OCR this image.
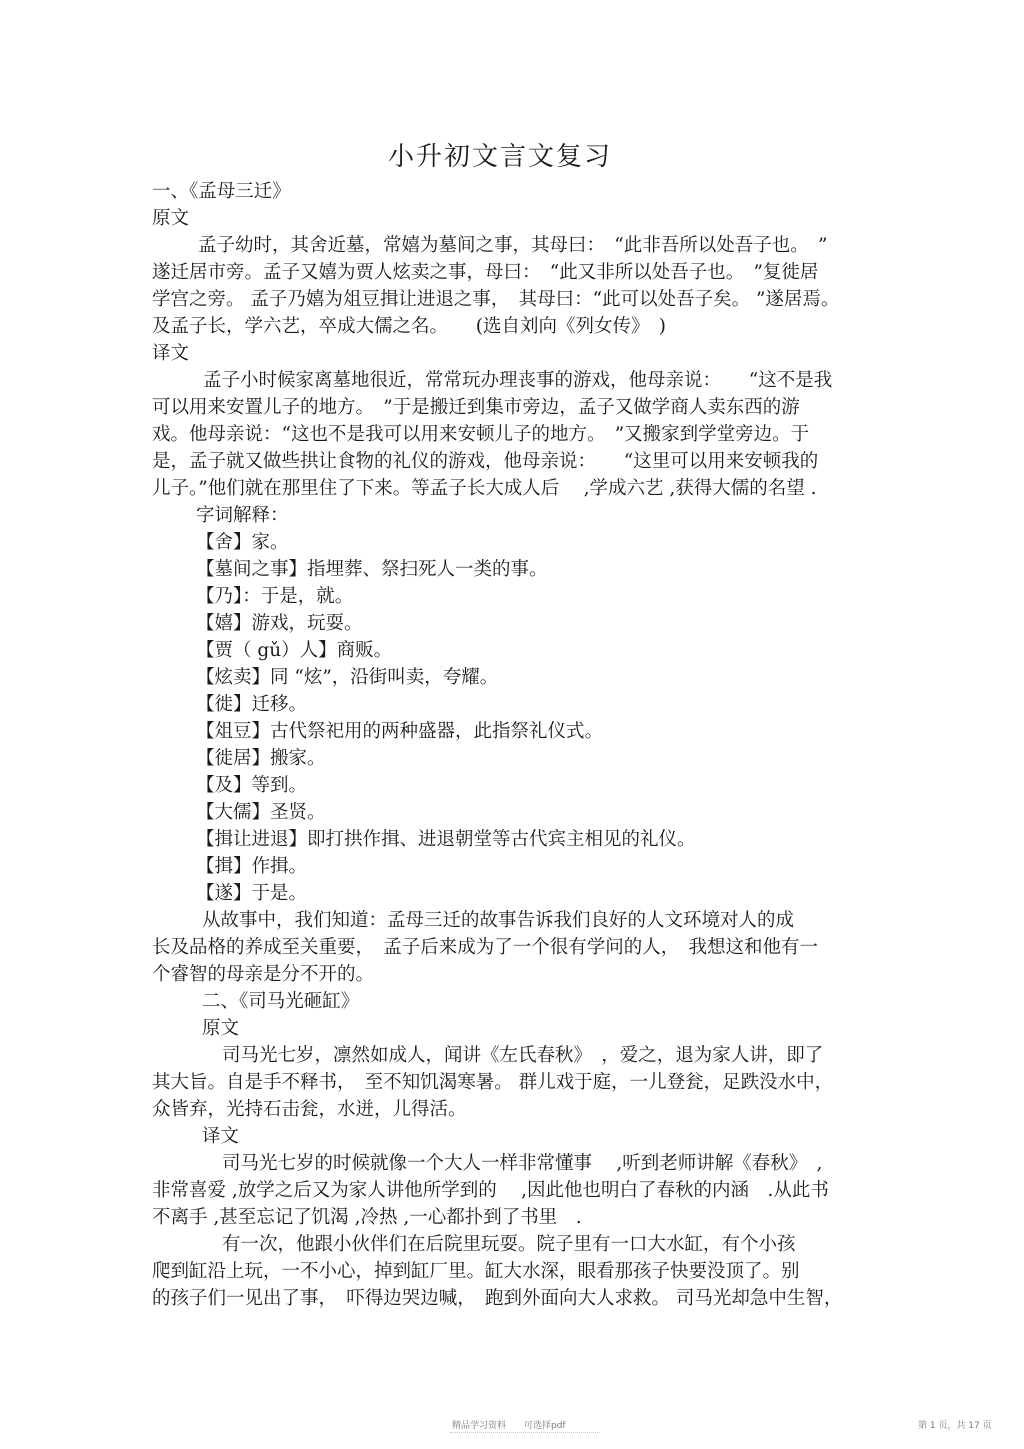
小升初文言文复习
一、《孟母三迁》
原文
孟子幼时，其舍近墓，常嬉为墓间之事，其母曰：　“此非吾所以处吾子也。　”
遂迁居市旁。孟子又嬉为贾人炫卖之事，母曰：　“此又非所以处吾子也。　”复徙居
学宫之旁。 孟子乃嬉为俎豆揖让进退之事，　其母曰：“此可以处吾子矣。 ”遂居焉。
及孟子长，学六艺，卒成大儒之名。　　(选自刘向《列女传》　)
译文
孟子小时候家离墓地很近，常常玩办理丧事的游戏，他母亲说：　　“这不是我
可以用来安置儿子的地方。　”于是搬迁到集市旁边，孟子又做学商人卖东西的游
戏。他母亲说：“这也不是我可以用来安顿儿子的地方。　”又搬家到学堂旁边。于
是，孟子就又做些拱让食物的礼仪的游戏，他母亲说：　　“这里可以用来安顿我的
儿子。”他们就在那里住了下来。等孟子长大成人后　 ,学成六艺 ,获得大儒的名望 .
字词解释：
【舍】家。
【墓间之事】指埋葬、祭扫死人一类的事。
【乃】：于是，就。
【嬉】游戏，玩耍。
【贾（ gǔ）人】商贩。
【炫卖】同 “炫”，沿街叫卖，夸耀。
【徙】迁移。
【俎豆】古代祭祀用的两种盛器，此指祭礼仪式。
【徙居】搬家。
【及】等到。
【大儒】圣贤。
【揖让进退】即打拱作揖、进退朝堂等古代宾主相见的礼仪。
【揖】作揖。
【遂】于是。
从故事中，我们知道：孟母三迁的故事告诉我们良好的人文环境对人的成
长及品格的养成至关重要，　孟子后来成为了一个很有学问的人，　我想这和他有一
个睿智的母亲是分不开的。
二、《司马光砸缸》
原文
司马光七岁，凛然如成人，闻讲《左氏春秋》　，爱之，退为家人讲，即了
其大旨。自是手不释书，　至不知饥渴寒暑。 群儿戏于庭，一儿登瓮，足跌没水中，
众皆弃，光持石击瓮，水迸，儿得活。
译文
司马光七岁的时候就像一个大人一样非常懂事　 ,听到老师讲解《春秋》　,
非常喜爱 ,放学之后又为家人讲他所学到的　 ,因此他也明白了春秋的内涵　.从此书
不离手 ,甚至忘记了饥渴 ,冷热 ,一心都扑到了书里　.
有一次，他跟小伙伴们在后院里玩耍。院子里有一口大水缸，有个小孩
爬到缸沿上玩，一不小心，掉到缸厂里。缸大水深，眼看那孩子快要没顶了。别
的孩子们一见出了事，　吓得边哭边喊，　跑到外面向大人求救。 司马光却急中生智，
精品学习资料　　可选择pdf	第 1 页，共 17 页
